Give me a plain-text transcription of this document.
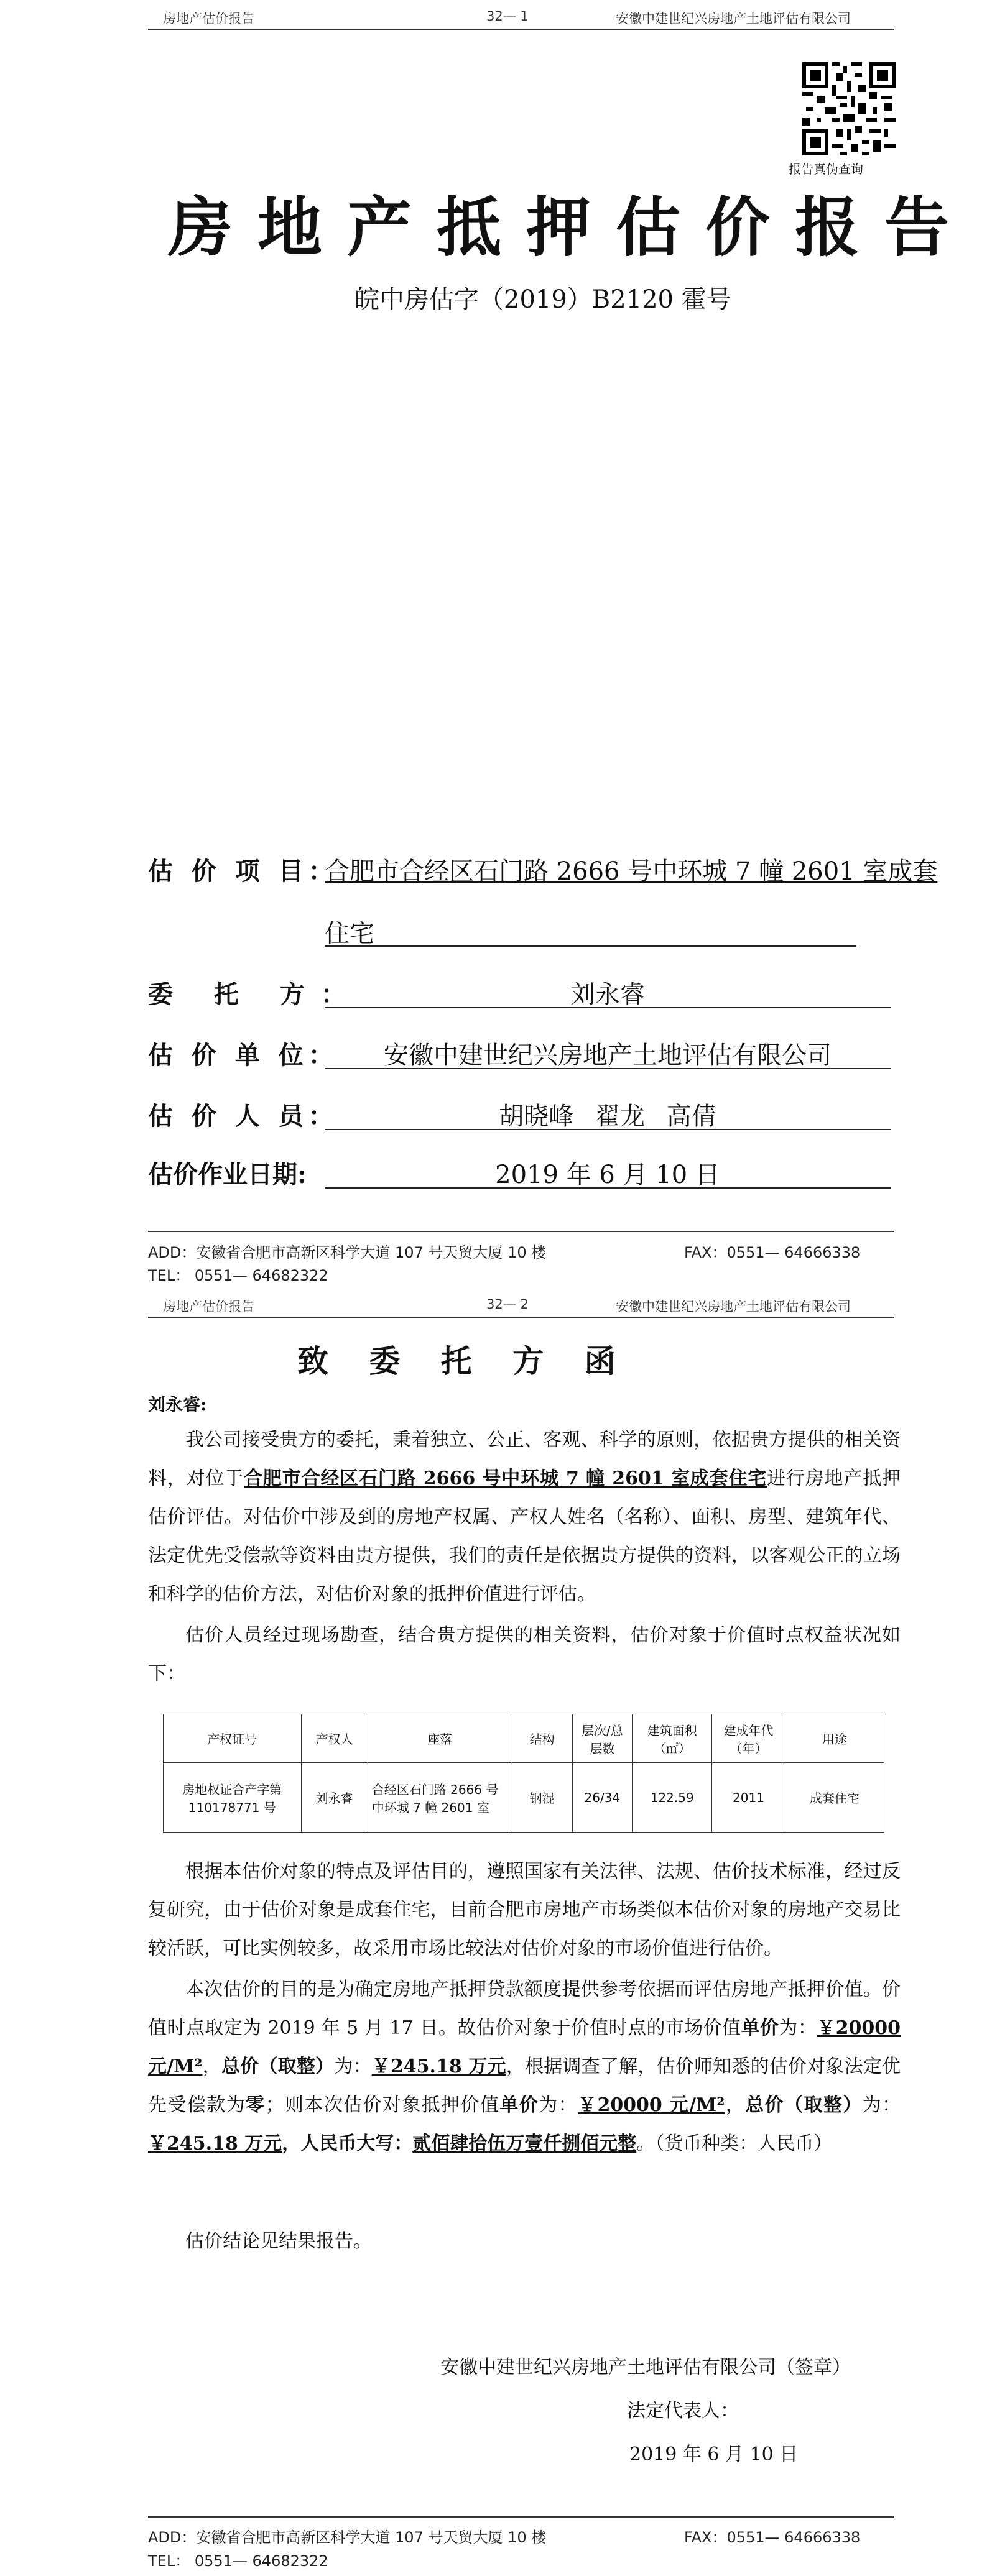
房地产估价报告	32— 1	安徽中建世纪兴房地产土地评估有限公司
报告真伪查询
房地产抵押估价报告
皖中房估字（2019）B2120 霍号
估 价 项 目：
合肥市合经区石门路 2666 号中环城 7 幢 2601 室成套
住宅
委 托 方：	刘永睿
估 价 单 位：	安徽中建世纪兴房地产土地评估有限公司
估 价 人 员：	胡晓峰 翟龙 高倩
估价作业日期:	2019 年 6 月 10 日
ADD：安徽省合肥市高新区科学大道 107 号天贸大厦 10 楼	FAX：0551— 64666338
TEL： 0551— 64682322
房地产估价报告	32— 2	安徽中建世纪兴房地产土地评估有限公司
致 委 托 方 函
刘永睿:
我公司接受贵方的委托，秉着独立、公正、客观、科学的原则，依据贵方提供的相关资料，对位于合肥市合经区石门路 2666 号中环城 7 幢 2601 室成套住宅进行房地产抵押估价评估。对估价中涉及到的房地产权属、产权人姓名（名称）、面积、房型、建筑年代、法定优先受偿款等资料由贵方提供，我们的责任是依据贵方提供的资料，以客观公正的立场和科学的估价方法，对估价对象的抵押价值进行评估。
估价人员经过现场勘查，结合贵方提供的相关资料，估价对象于价值时点权益状况如下：
产权证号	产权人	座落	结构	层次/总层数	建筑面积（㎡）	建成年代（年）	用途
房地权证合产字第 110178771 号	刘永睿	合经区石门路 2666 号中环城 7 幢 2601 室	钢混	26/34	122.59	2011	成套住宅
根据本估价对象的特点及评估目的，遵照国家有关法律、法规、估价技术标准，经过反复研究，由于估价对象是成套住宅，目前合肥市房地产市场类似本估价对象的房地产交易比较活跃，可比实例较多，故采用市场比较法对估价对象的市场价值进行估价。
本次估价的目的是为确定房地产抵押贷款额度提供参考依据而评估房地产抵押价值。价值时点取定为 2019 年 5 月 17 日。故估价对象于价值时点的市场价值单价为：￥20000 元/M²，总价（取整）为：￥245.18 万元，根据调查了解，估价师知悉的估价对象法定优先受偿款为零；则本次估价对象抵押价值单价为：￥20000 元/M²，总价（取整）为：￥245.18 万元，人民币大写：贰佰肆拾伍万壹仟捌佰元整。（货币种类：人民币）
估价结论见结果报告。
安徽中建世纪兴房地产土地评估有限公司（签章）
法定代表人：
2019 年 6 月 10 日
ADD：安徽省合肥市高新区科学大道 107 号天贸大厦 10 楼	FAX：0551— 64666338
TEL： 0551— 64682322
